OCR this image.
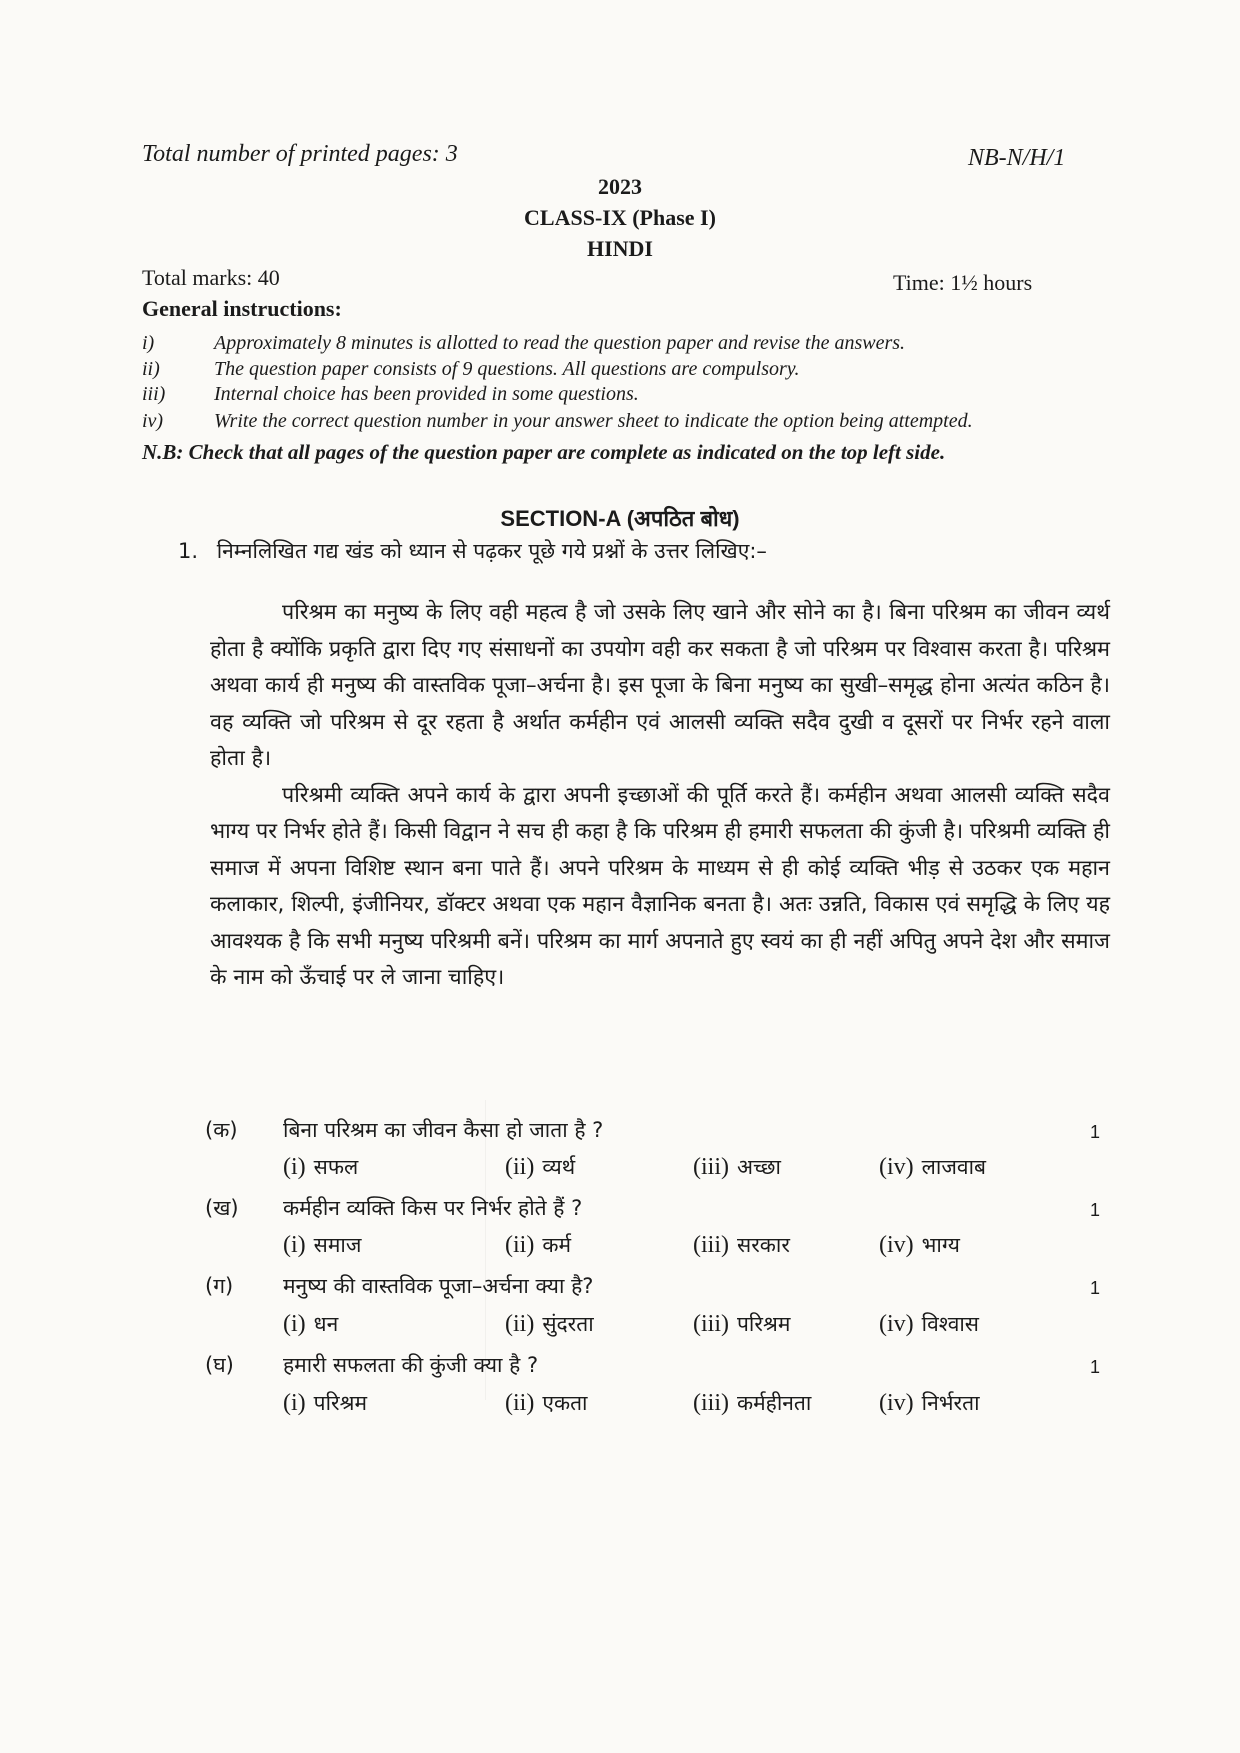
Total number of printed pages: 3	NB-N/H/1
2023
CLASS-IX (Phase I)
HINDI
Total marks: 40	Time: 1½ hours
General instructions:
i)	Approximately 8 minutes is allotted to read the question paper and revise the answers.
ii)	The question paper consists of 9 questions. All questions are compulsory.
iii) Internal choice has been provided in some questions.
iv)	Write the correct question number in your answer sheet to indicate the option being attempted.
N.B: Check that all pages of the question paper are complete as indicated on the top left side.
SECTION-A (अपठित बोध)
1. निम्नलिखित गद्य खंड को ध्यान से पढ़कर पूछे गये प्रश्नों के उत्तर लिखिए:–

परिश्रम का मनुष्य के लिए वही महत्व है जो उसके लिए खाने और सोने का है। बिना परिश्रम का जीवन व्यर्थ होता है क्योंकि प्रकृति द्वारा दिए गए संसाधनों का उपयोग वही कर सकता है जो परिश्रम पर विश्वास करता है। परिश्रम अथवा कार्य ही मनुष्य की वास्तविक पूजा–अर्चना है। इस पूजा के बिना मनुष्य का सुखी–समृद्ध होना अत्यंत कठिन है। वह व्यक्ति जो परिश्रम से दूर रहता है अर्थात कर्महीन एवं आलसी व्यक्ति सदैव दुखी व दूसरों पर निर्भर रहने वाला होता है।

परिश्रमी व्यक्ति अपने कार्य के द्वारा अपनी इच्छाओं की पूर्ति करते हैं। कर्महीन अथवा आलसी व्यक्ति सदैव भाग्य पर निर्भर होते हैं। किसी विद्वान ने सच ही कहा है कि परिश्रम ही हमारी सफलता की कुंजी है। परिश्रमी व्यक्ति ही समाज में अपना विशिष्ट स्थान बना पाते हैं। अपने परिश्रम के माध्यम से ही कोई व्यक्ति भीड़ से उठकर एक महान कलाकार, शिल्पी, इंजीनियर, डॉक्टर अथवा एक महान वैज्ञानिक बनता है। अतः उन्नति, विकास एवं समृद्धि के लिए यह आवश्यक है कि सभी मनुष्य परिश्रमी बनें। परिश्रम का मार्ग अपनाते हुए स्वयं का ही नहीं अपितु अपने देश और समाज के नाम को ऊँचाई पर ले जाना चाहिए।

(क) बिना परिश्रम का जीवन कैसा हो जाता है ?	1
(i) सफल	(ii) व्यर्थ	(iii) अच्छा	(iv) लाजवाब
(ख) कर्महीन व्यक्ति किस पर निर्भर होते हैं ?	1
(i) समाज	(ii) कर्म	(iii) सरकार	(iv) भाग्य
(ग) मनुष्य की वास्तविक पूजा–अर्चना क्या है?	1
(i) धन	(ii) सुंदरता	(iii) परिश्रम	(iv) विश्वास
(घ) हमारी सफलता की कुंजी क्या है ?	1
(i) परिश्रम	(ii) एकता	(iii) कर्महीनता	(iv) निर्भरता
